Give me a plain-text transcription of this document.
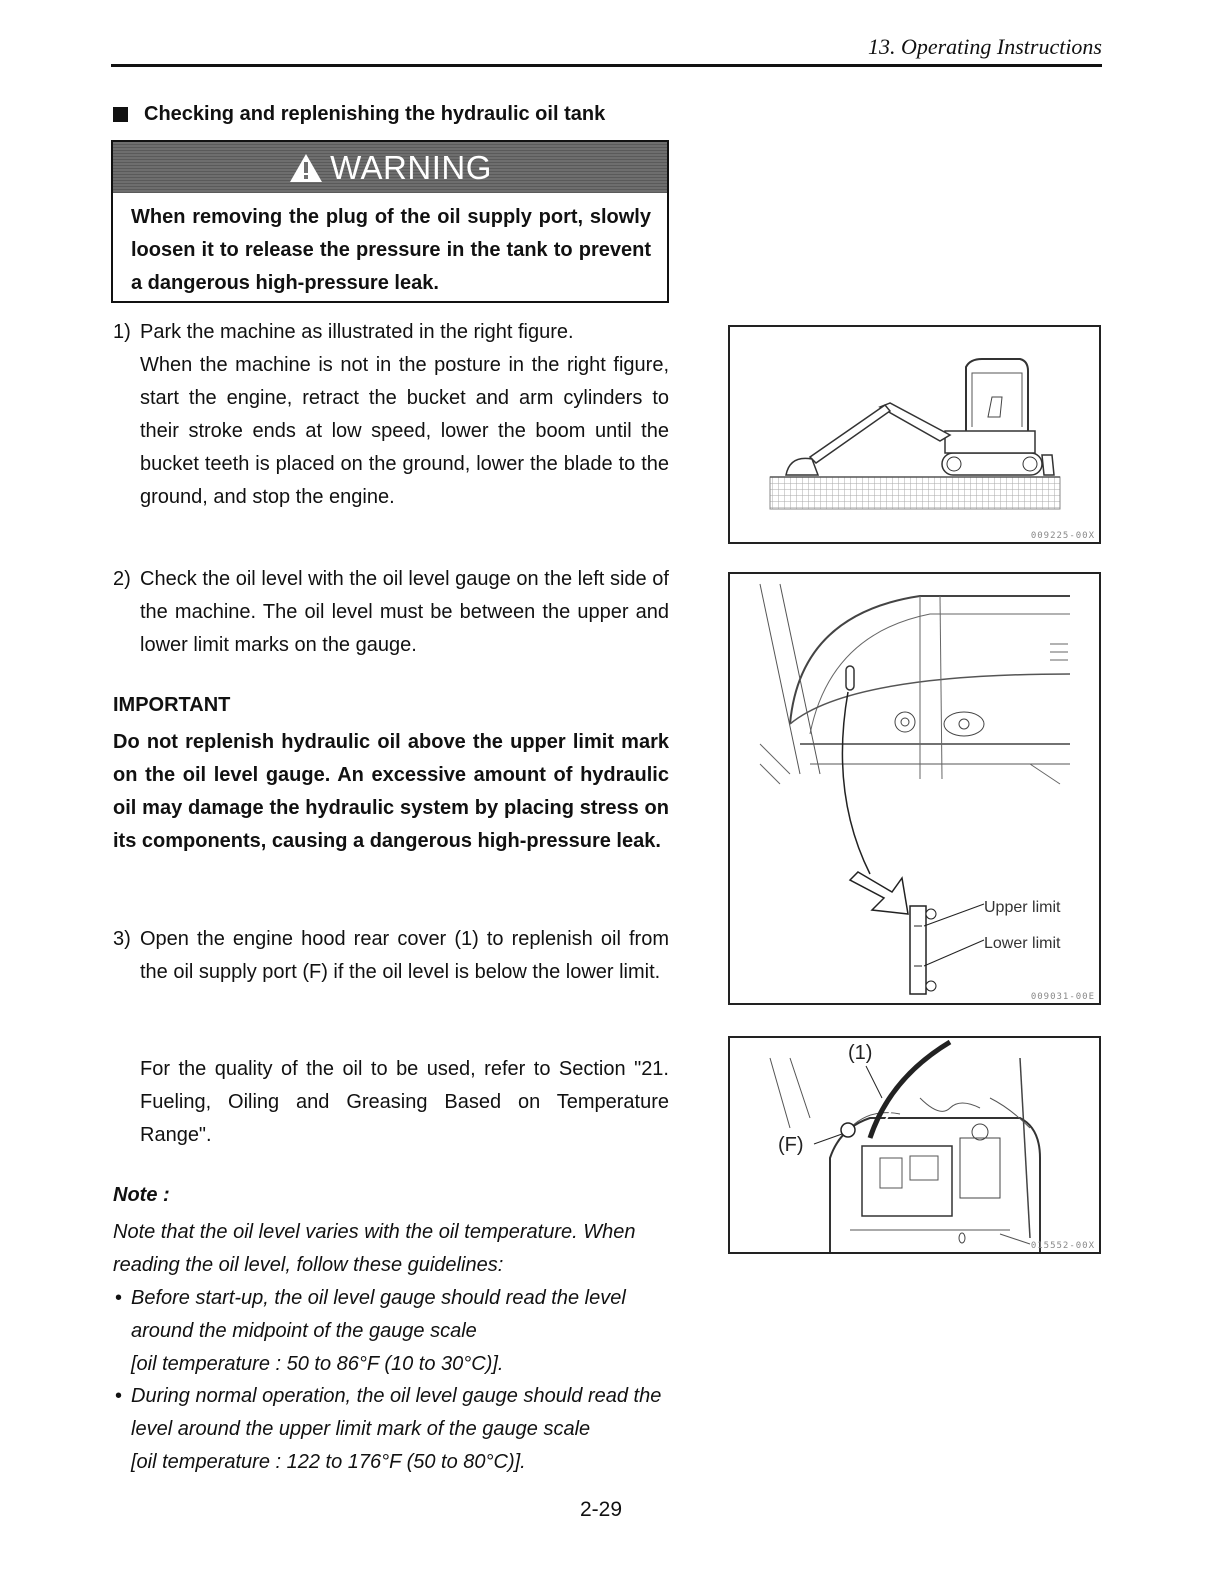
13. Operating Instructions
Checking and replenishing the hydraulic oil tank
WARNING
When removing the plug of the oil supply port, slowly loosen it to release the pressure in the tank to prevent a dangerous high-pressure leak.
1) Park the machine as illustrated in the right figure.
When the machine is not in the posture in the right figure, start the engine, retract the bucket and arm cylinders to their stroke ends at low speed, lower the boom until the bucket teeth is placed on the ground, lower the blade to the ground, and stop the engine.
2) Check the oil level with the oil level gauge on the left side of the machine. The oil level must be between the upper and lower limit marks on the gauge.
IMPORTANT
Do not replenish hydraulic oil above the upper limit mark on the oil level gauge. An excessive amount of hydraulic oil may damage the hydraulic system by placing stress on its components, causing a dangerous high-pressure leak.
3) Open the engine hood rear cover (1) to replenish oil from the oil supply port (F) if the oil level is below the lower limit.
For the quality of the oil to be used, refer to Section "21. Fueling, Oiling and Greasing Based on Temperature Range".
Note :
Note that the oil level varies with the oil temperature. When reading the oil level, follow these guidelines:
• Before start-up, the oil level gauge should read the level around the midpoint of the gauge scale
[oil temperature : 50 to 86°F (10 to 30°C)].
• During normal operation, the oil level gauge should read the level around the upper limit mark of the gauge scale
[oil temperature : 122 to 176°F (50 to 80°C)].
2-29
009225-00X
Upper limit
Lower limit
009031-00E
(1)
(F)
015552-00X
